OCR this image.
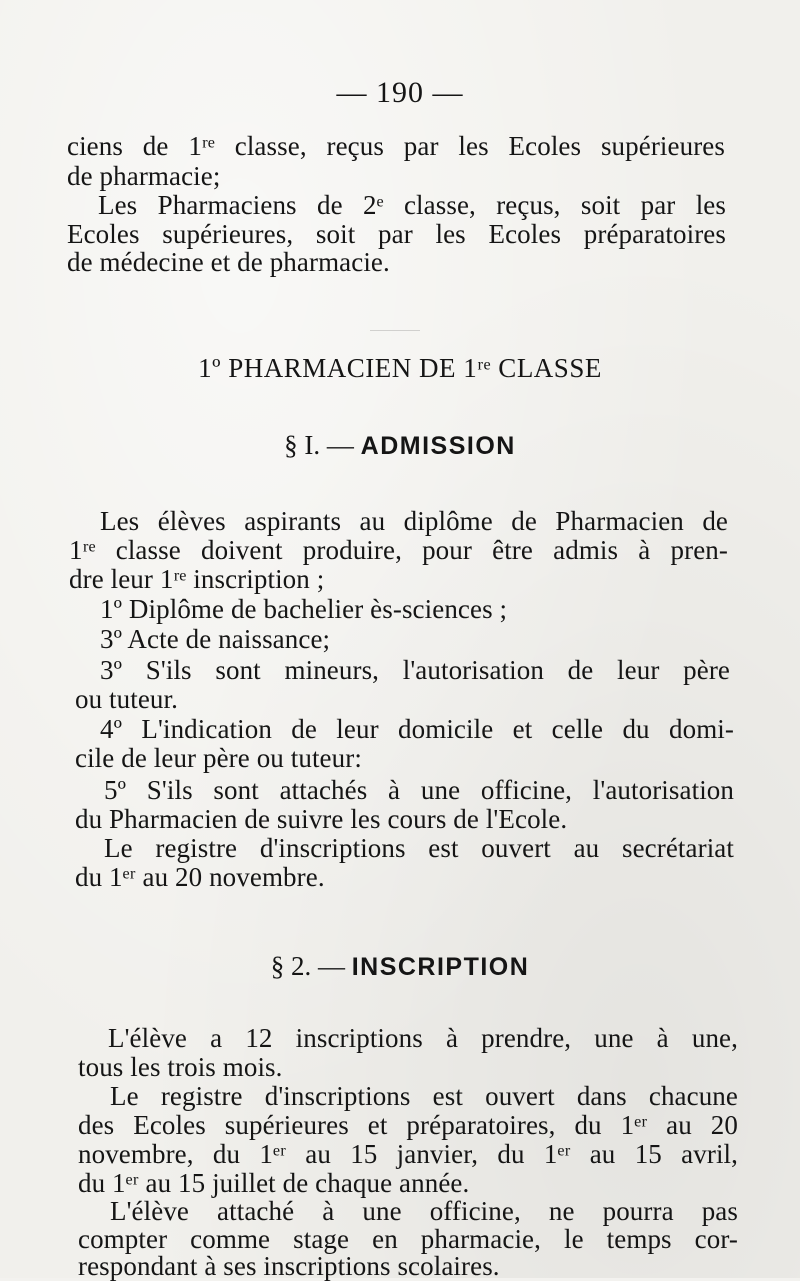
— 190 —
ciens de 1ʳᵉ classe, reçus par les Ecoles supérieures
de pharmacie;
Les Pharmaciens de 2ᵉ classe, reçus, soit par les
Ecoles supérieures, soit par les Ecoles préparatoires
de médecine et de pharmacie.
1º PHARMACIEN DE 1ʳᵉ CLASSE
§ I. — ADMISSION
Les élèves aspirants au diplôme de Pharmacien de
1ʳᵉ classe doivent produire, pour être admis à pren-
dre leur 1ʳᵉ inscription ;
1º Diplôme de bachelier ès-sciences ;
3º Acte de naissance;
3º S'ils sont mineurs, l'autorisation de leur père
ou tuteur.
4º L'indication de leur domicile et celle du domi-
cile de leur père ou tuteur:
5º S'ils sont attachés à une officine, l'autorisation
du Pharmacien de suivre les cours de l'Ecole.
Le registre d'inscriptions est ouvert au secrétariat
du 1ᵉʳ au 20 novembre.
§ 2. — INSCRIPTION
L'élève a 12 inscriptions à prendre, une à une,
tous les trois mois.
Le registre d'inscriptions est ouvert dans chacune
des Ecoles supérieures et préparatoires, du 1ᵉʳ au 20
novembre, du 1ᵉʳ au 15 janvier, du 1ᵉʳ au 15 avril,
du 1ᵉʳ au 15 juillet de chaque année.
L'élève attaché à une officine, ne pourra pas
compter comme stage en pharmacie, le temps cor-
respondant à ses inscriptions scolaires.
